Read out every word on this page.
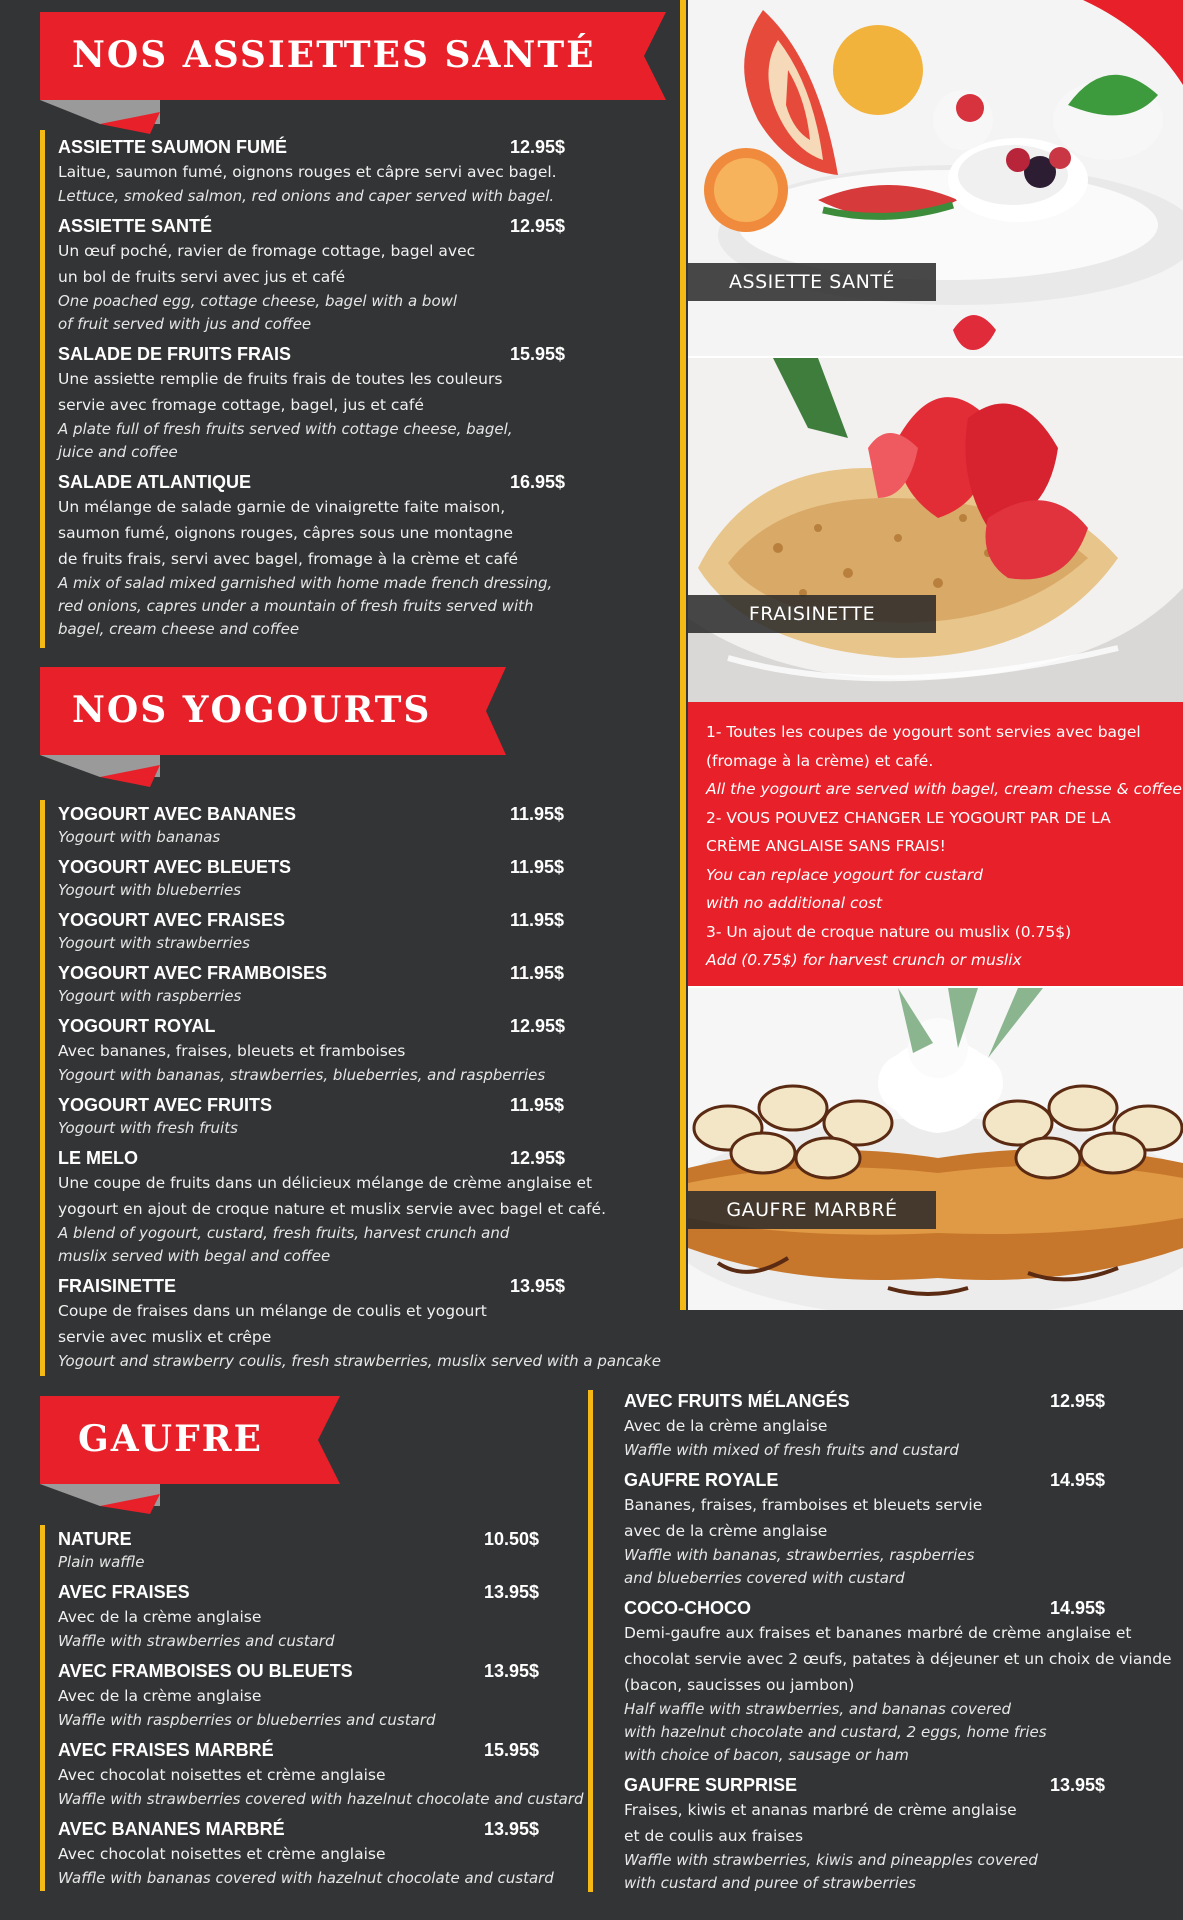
ASSIETTE SANTÉ
FRAISINETTE
1- Toutes les coupes de yogourt sont servies avec bagel
(fromage à la crème) et café.
All the yogourt are served with bagel, cream chesse & coffee
2- VOUS POUVEZ CHANGER LE YOGOURT PAR DE LA
CRÈME ANGLAISE SANS FRAIS!
You can replace yogourt for custard
with no additional cost
3- Un ajout de croque nature ou muslix (0.75$)
Add (0.75$) for harvest crunch or muslix
GAUFRE MARBRÉ
NOS ASSIETTES SANTÉ
ASSIETTE SAUMON FUMÉ	12.95$
Laitue, saumon fumé, oignons rouges et câpre servi avec bagel.
Lettuce, smoked salmon, red onions and caper served with bagel.
ASSIETTE SANTÉ	12.95$
Un œuf poché, ravier de fromage cottage, bagel avec
un bol de fruits servi avec jus et café
One poached egg, cottage cheese, bagel with a bowl
of fruit served with jus and coffee
SALADE DE FRUITS FRAIS	15.95$
Une assiette remplie de fruits frais de toutes les couleurs
servie avec fromage cottage, bagel, jus et café
A plate full of fresh fruits served with cottage cheese, bagel,
juice and coffee
SALADE ATLANTIQUE	16.95$
Un mélange de salade garnie de vinaigrette faite maison,
saumon fumé, oignons rouges, câpres sous une montagne
de fruits frais, servi avec bagel, fromage à la crème et café
A mix of salad mixed garnished with home made french dressing,
red onions, capres under a mountain of fresh fruits served with
bagel, cream cheese and coffee
NOS YOGOURTS
YOGOURT AVEC BANANES	11.95$
Yogourt with bananas
YOGOURT AVEC BLEUETS	11.95$
Yogourt with blueberries
YOGOURT AVEC FRAISES	11.95$
Yogourt with strawberries
YOGOURT AVEC FRAMBOISES	11.95$
Yogourt with raspberries
YOGOURT ROYAL	12.95$
Avec bananes, fraises, bleuets et framboises
Yogourt with bananas, strawberries, blueberries, and raspberries
YOGOURT AVEC FRUITS	11.95$
Yogourt with fresh fruits
LE MELO	12.95$
Une coupe de fruits dans un délicieux mélange de crème anglaise et
yogourt en ajout de croque nature et muslix servie avec bagel et café.
A blend of yogourt, custard, fresh fruits, harvest crunch and
muslix served with begal and coffee
FRAISINETTE	13.95$
Coupe de fraises dans un mélange de coulis et yogourt
servie avec muslix et crêpe
Yogourt and strawberry coulis, fresh strawberries, muslix served with a pancake
GAUFRE
NATURE	10.50$
Plain waffle
AVEC FRAISES	13.95$
Avec de la crème anglaise
Waffle with strawberries and custard
AVEC FRAMBOISES OU BLEUETS	13.95$
Avec de la crème anglaise
Waffle with raspberries or blueberries and custard
AVEC FRAISES MARBRÉ	15.95$
Avec chocolat noisettes et crème anglaise
Waffle with strawberries covered with hazelnut chocolate and custard
AVEC BANANES MARBRÉ	13.95$
Avec chocolat noisettes et crème anglaise
Waffle with bananas covered with hazelnut chocolate and custard
AVEC FRUITS MÉLANGÉS	12.95$
Avec de la crème anglaise
Waffle with mixed of fresh fruits and custard
GAUFRE ROYALE	14.95$
Bananes, fraises, framboises et bleuets servie
avec de la crème anglaise
Waffle with bananas, strawberries, raspberries
and blueberries covered with custard
COCO-CHOCO	14.95$
Demi-gaufre aux fraises et bananes marbré de crème anglaise et
chocolat servie avec 2 œufs, patates à déjeuner et un choix de viande
(bacon, saucisses ou jambon)
Half waffle with strawberries, and bananas covered
with hazelnut chocolate and custard, 2 eggs, home fries
with choice of bacon, sausage or ham
GAUFRE SURPRISE	13.95$
Fraises, kiwis et ananas marbré de crème anglaise
et de coulis aux fraises
Waffle with strawberries, kiwis and pineapples covered
with custard and puree of strawberries
